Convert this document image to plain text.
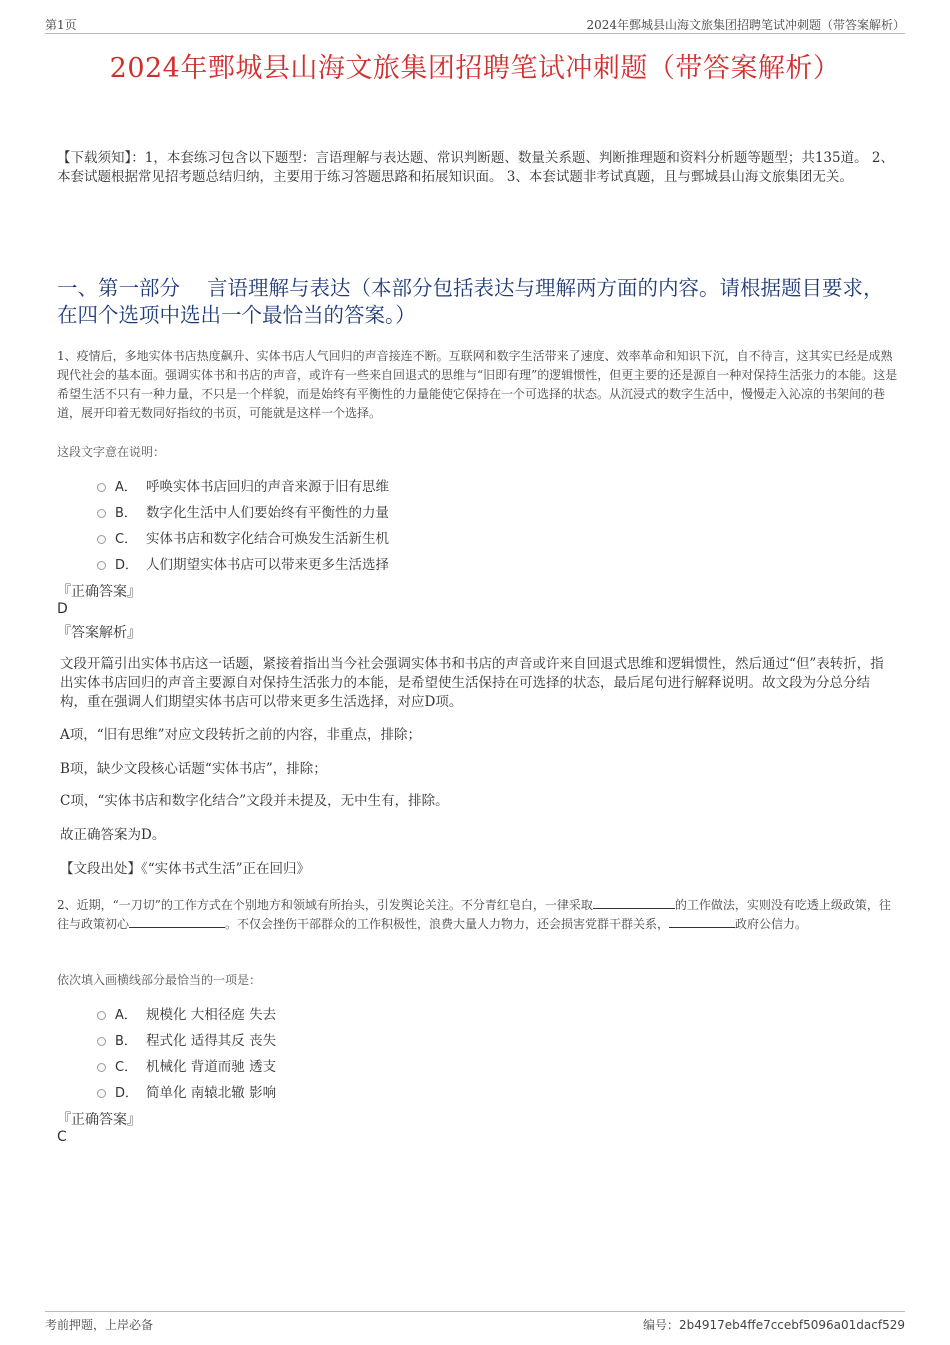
第1页	2024年鄄城县山海文旅集团招聘笔试冲刺题（带答案解析）
2024年鄄城县山海文旅集团招聘笔试冲刺题（带答案解析）
【下载须知】：1，本套练习包含以下题型：言语理解与表达题、常识判断题、数量关系题、判断推理题和资料分析题等题型；共135道。 2、本套试题根据常见招考题总结归纳，主要用于练习答题思路和拓展知识面。 3、本套试题非考试真题，且与鄄城县山海文旅集团无关。
一、第一部分　 言语理解与表达（本部分包括表达与理解两方面的内容。请根据题目要求，在四个选项中选出一个最恰当的答案。）
1、疫情后，多地实体书店热度飙升、实体书店人气回归的声音接连不断。互联网和数字生活带来了速度、效率革命和知识下沉，自不待言，这其实已经是成熟现代社会的基本面。强调实体书和书店的声音，或许有一些来自回退式的思维与“旧即有理”的逻辑惯性，但更主要的还是源自一种对保持生活张力的本能。这是希望生活不只有一种力量，不只是一个样貌，而是始终有平衡性的力量能使它保持在一个可选择的状态。从沉浸式的数字生活中，慢慢走入沁凉的书架间的巷道，展开印着无数同好指纹的书页，可能就是这样一个选择。
这段文字意在说明：
A． 呼唤实体书店回归的声音来源于旧有思维
B． 数字化生活中人们要始终有平衡性的力量
C． 实体书店和数字化结合可焕发生活新生机
D． 人们期望实体书店可以带来更多生活选择
『正确答案』
D
『答案解析』
文段开篇引出实体书店这一话题，紧接着指出当今社会强调实体书和书店的声音或许来自回退式思维和逻辑惯性，然后通过“但”表转折，指出实体书店回归的声音主要源自对保持生活张力的本能，是希望使生活保持在可选择的状态，最后尾句进行解释说明。故文段为分总分结构，重在强调人们期望实体书店可以带来更多生活选择，对应D项。
A项，“旧有思维”对应文段转折之前的内容，非重点，排除；
B项，缺少文段核心话题“实体书店”，排除；
C项，“实体书店和数字化结合”文段并未提及，无中生有，排除。
故正确答案为D。
【文段出处】《“实体书式生活”正在回归》
2、近期，“一刀切”的工作方式在个别地方和领域有所抬头，引发舆论关注。不分青红皂白，一律采取	的工作做法，实则没有吃透上级政策，往往与政策初心	。不仅会挫伤干部群众的工作积极性，浪费大量人力物力，还会损害党群干群关系，	政府公信力。
依次填入画横线部分最恰当的一项是：
A． 规模化 大相径庭 失去
B． 程式化 适得其反 丧失
C． 机械化 背道而驰 透支
D． 简单化 南辕北辙 影响
『正确答案』
C
考前押题，上岸必备	编号：2b4917eb4ffe7ccebf5096a01dacf529
